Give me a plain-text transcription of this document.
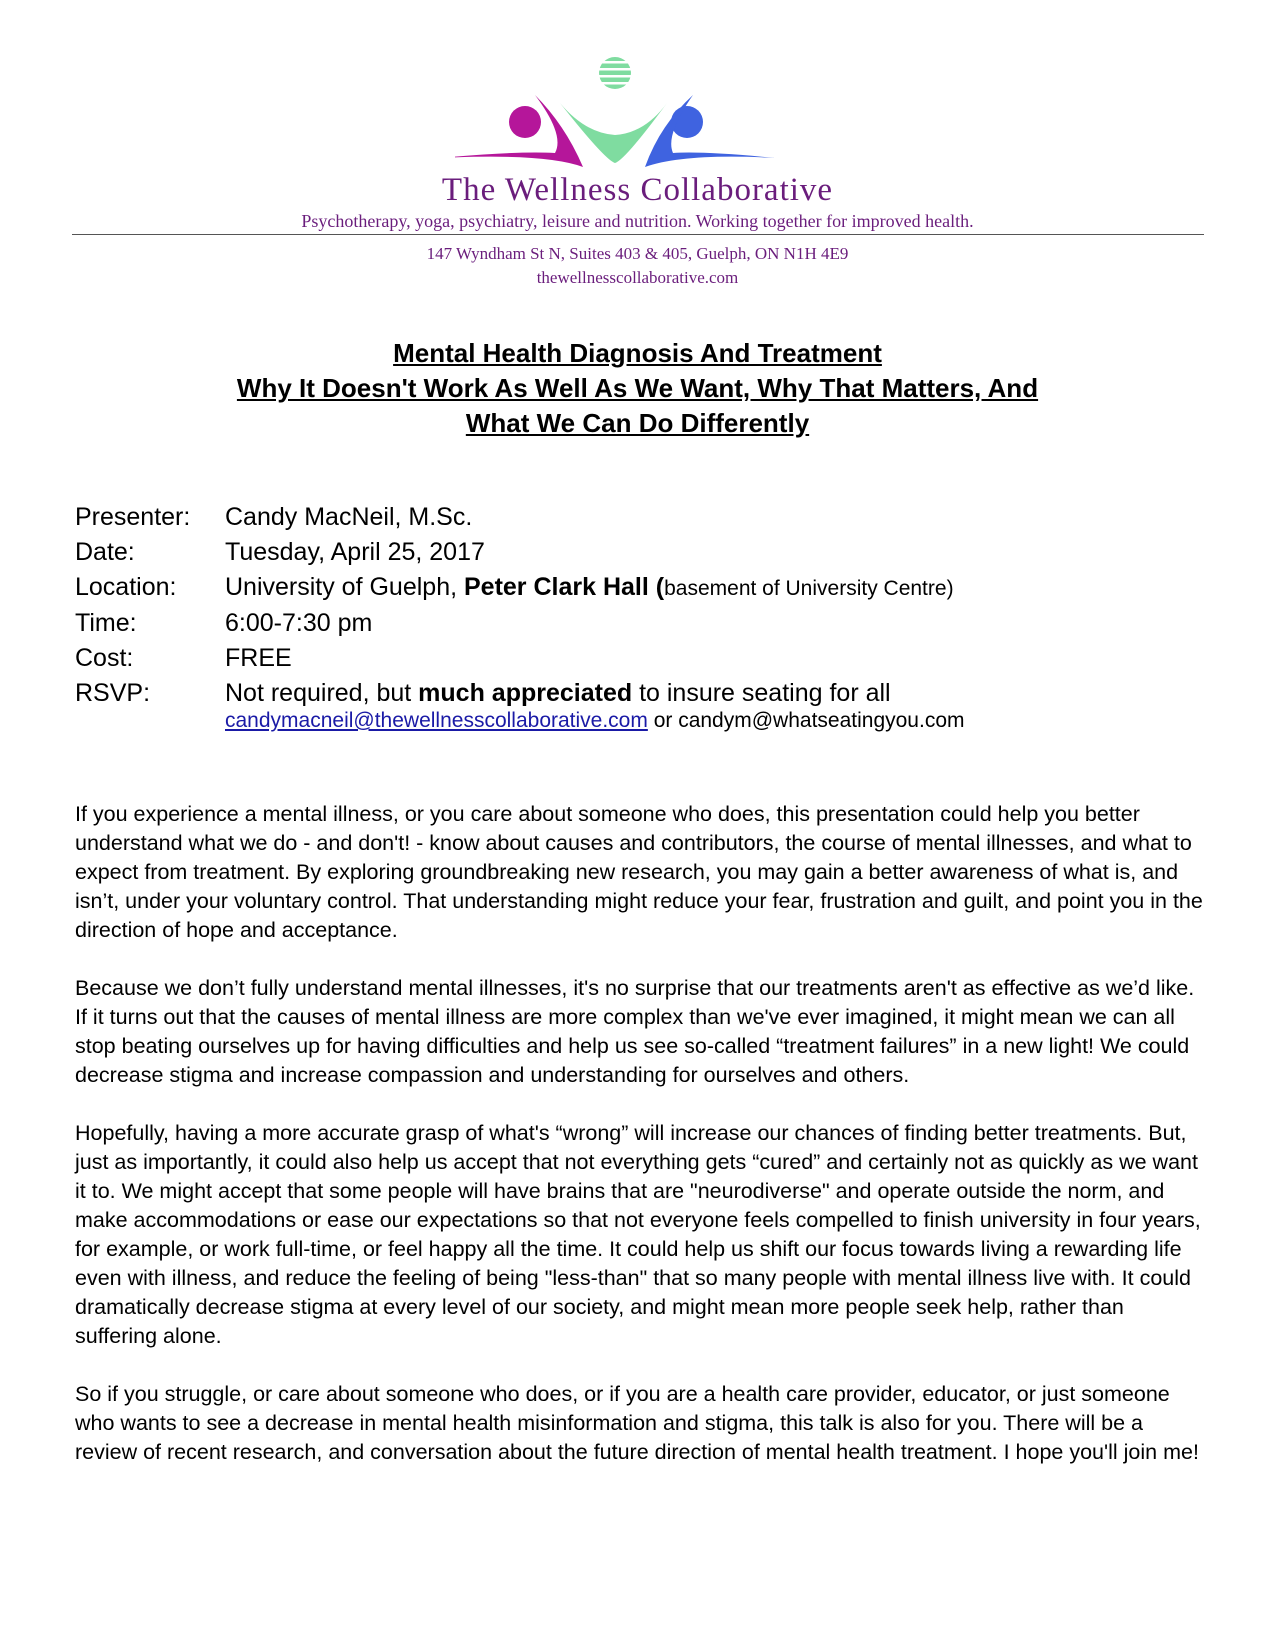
The Wellness Collaborative
Psychotherapy, yoga, psychiatry, leisure and nutrition. Working together for improved health.
147 Wyndham St N, Suites 403 & 405, Guelph, ON N1H 4E9
thewellnesscollaborative.com
Mental Health Diagnosis And Treatment
Why It Doesn't Work As Well As We Want, Why That Matters, And
What We Can Do Differently
Presenter:	Candy MacNeil, M.Sc.
Date:	Tuesday, April 25, 2017
Location:	University of Guelph, Peter Clark Hall (basement of University Centre)
Time:	6:00-7:30 pm
Cost:	FREE
RSVP:	Not required, but much appreciated to insure seating for all
candymacneil@thewellnesscollaborative.com or candym@whatseatingyou.com

If you experience a mental illness, or you care about someone who does, this presentation could help you better understand what we do - and don't! - know about causes and contributors, the course of mental illnesses, and what to expect from treatment. By exploring groundbreaking new research, you may gain a better awareness of what is, and isn’t, under your voluntary control. That understanding might reduce your fear, frustration and guilt, and point you in the direction of hope and acceptance.

Because we don’t fully understand mental illnesses, it's no surprise that our treatments aren't as effective as we’d like. If it turns out that the causes of mental illness are more complex than we've ever imagined, it might mean we can all stop beating ourselves up for having difficulties and help us see so-called “treatment failures” in a new light! We could decrease stigma and increase compassion and understanding for ourselves and others.

Hopefully, having a more accurate grasp of what's “wrong” will increase our chances of finding better treatments. But, just as importantly, it could also help us accept that not everything gets “cured” and certainly not as quickly as we want it to. We might accept that some people will have brains that are "neurodiverse" and operate outside the norm, and make accommodations or ease our expectations so that not everyone feels compelled to finish university in four years, for example, or work full-time, or feel happy all the time. It could help us shift our focus towards living a rewarding life even with illness, and reduce the feeling of being "less-than" that so many people with mental illness live with. It could dramatically decrease stigma at every level of our society, and might mean more people seek help, rather than suffering alone.

So if you struggle, or care about someone who does, or if you are a health care provider, educator, or just someone who wants to see a decrease in mental health misinformation and stigma, this talk is also for you. There will be a review of recent research, and conversation about the future direction of mental health treatment. I hope you'll join me!
